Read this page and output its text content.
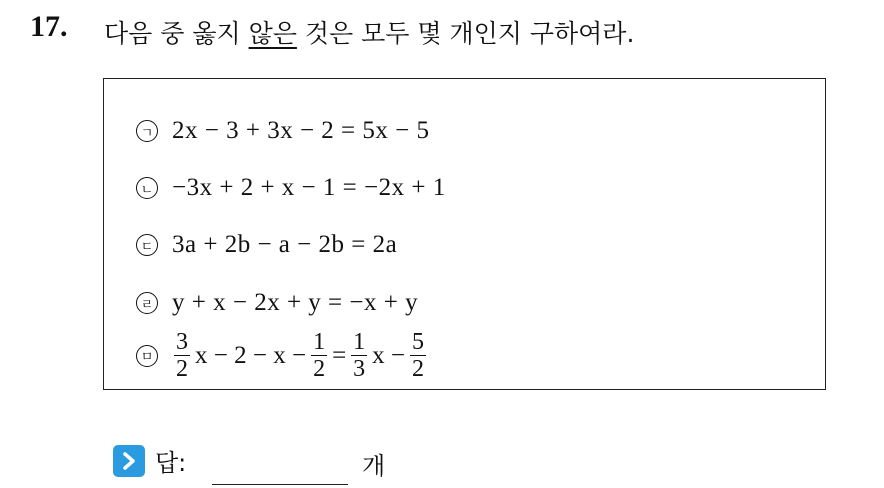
17. 다음 중 옳지 않은 것은 모두 몇 개인지 구하여라.
ㄱ 2x − 3 + 3x − 2 = 5x − 5
ㄴ −3x + 2 + x − 1 = −2x + 1
ㄷ 3a + 2b − a − 2b = 2a
ㄹ y + x − 2x + y = −x + y
ㅁ $\frac{3}{2}$ $x - 2 - x - \frac{1}{2} = \frac{1}{3}$ $x - \frac{5}{2}$
답:	개
